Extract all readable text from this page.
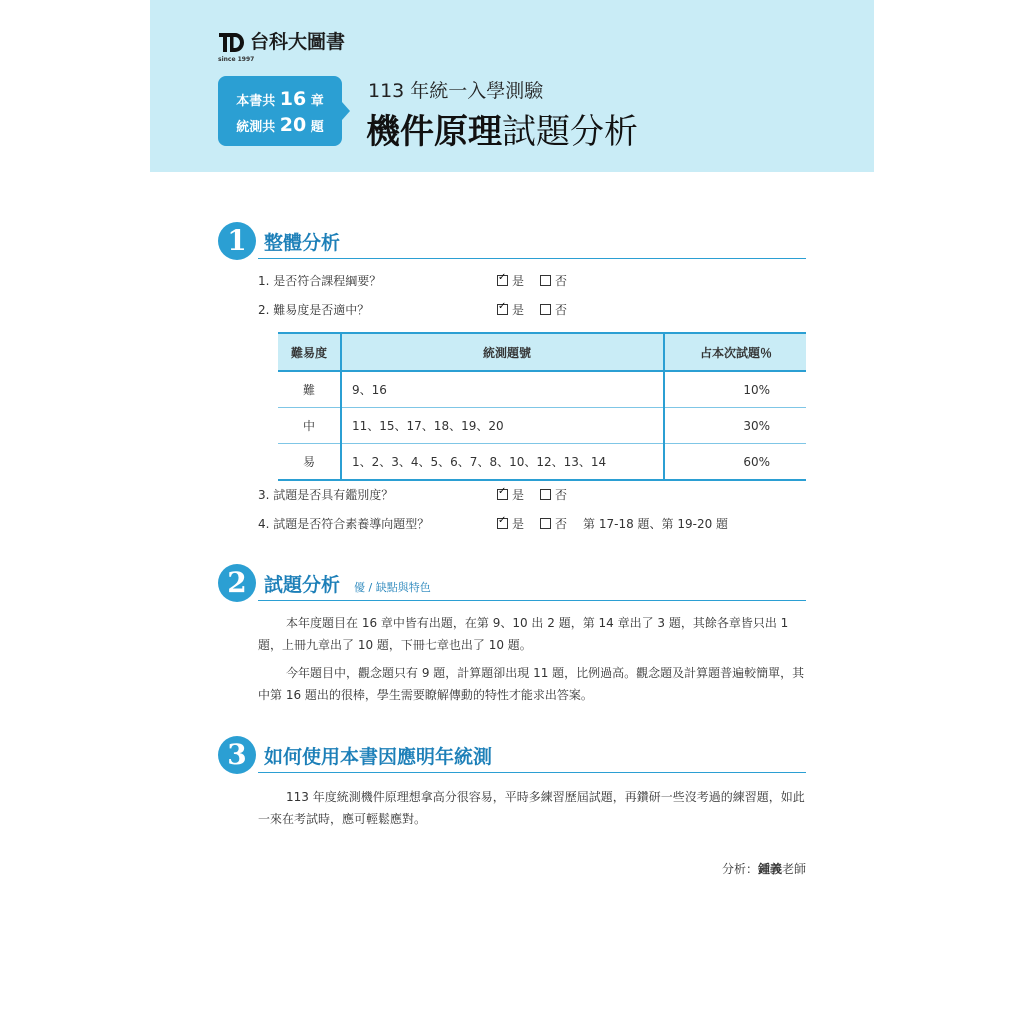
台科大圖書
since 1997
本書共 16 章
統測共 20 題
113 年統一入學測驗
機件原理試題分析
1 整體分析
1. 是否符合課程綱要？ ✓	是	否
2. 難易度是否適中？ ✓	是	否
難易度	統測題號	占本次試題％
難	9、16	10%
中	11、15、17、18、19、20	30%
易	1、2、3、4、5、6、7、8、10、12、13、14	60%
3. 試題是否具有鑑別度？ ✓	是	否
4. 試題是否符合素養導向題型？ ✓	是	否 第 17-18 題、第 19-20 題
2 試題分析 優 / 缺點與特色
本年度題目在 16 章中皆有出題，在第 9、10 出 2 題，第 14 章出了 3 題，其餘各章皆只出 1 題，上冊九章出了 10 題，下冊七章也出了 10 題。
今年題目中，觀念題只有 9 題，計算題卻出現 11 題，比例過高。觀念題及計算題普遍較簡單，其中第 16 題出的很棒，學生需要瞭解傳動的特性才能求出答案。
3 如何使用本書因應明年統測
113 年度統測機件原理想拿高分很容易，平時多練習歷屆試題，再鑽研一些沒考過的練習題，如此一來在考試時，應可輕鬆應對。
分析：鍾義老師
